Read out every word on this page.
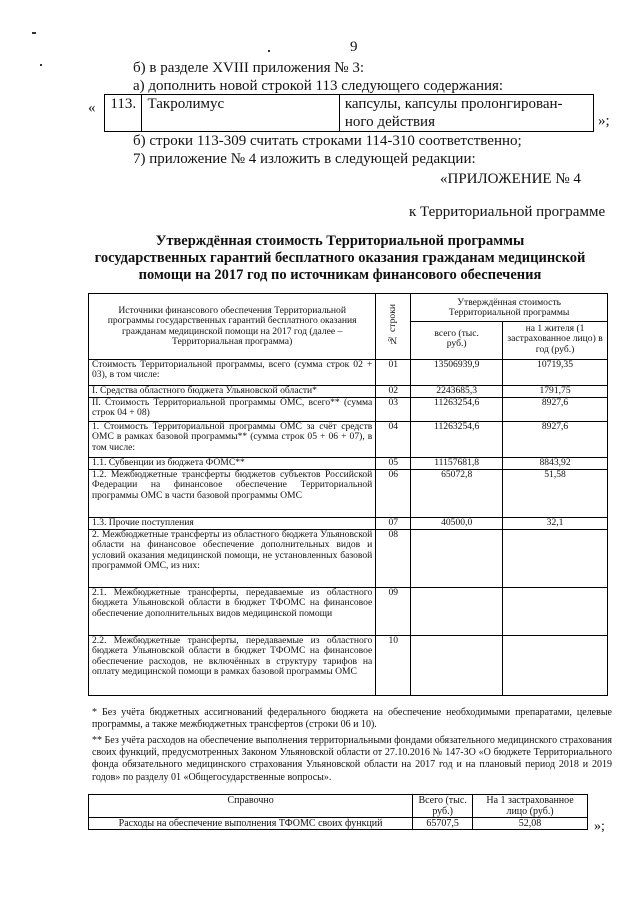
9
б) в разделе XVIII приложения № 3:
а) дополнить новой строкой 113 следующего содержания:
« 113.	Такролимус	капсулы, капсулы пролонгирован-ного действия	»;
б) строки 113-309 считать строками 114-310 соответственно;
7) приложение № 4 изложить в следующей редакции:
«ПРИЛОЖЕНИЕ № 4
к Территориальной программе
Утверждённая стоимость Территориальной программы
государственных гарантий бесплатного оказания гражданам медицинской
помощи на 2017 год по источникам финансового обеспечения
Источники финансового обеспечения Территориальной программы государственных гарантий бесплатного оказания гражданам медицинской помощи на 2017 год (далее – Территориальная программа)	№ строки	Утверждённая стоимость Территориальной программы	
		всего (тыс. руб.)	на 1 жителя (1 застрахованное лицо) в год (руб.)
Стоимость Территориальной программы, всего (сумма строк 02 + 03), в том числе:	01	13506939,9	10719,35
I. Средства областного бюджета Ульяновской области*	02	2243685,3	1791,75
II. Стоимость Территориальной программы ОМС, всего** (сумма строк 04 + 08)	03	11263254,6	8927,6
1. Стоимость Территориальной программы ОМС за счёт средств ОМС в рамках базовой программы** (сумма строк 05 + 06 + 07), в том числе:	04	11263254,6	8927,6
1.1. Субвенции из бюджета ФОМС**	05	11157681,8	8843,92
1.2. Межбюджетные трансферты бюджетов субъектов Российской Федерации на финансовое обеспечение Территориальной программы ОМС в части базовой программы ОМС	06	65072,8	51,58
1.3. Прочие поступления	07	40500,0	32,1
2. Межбюджетные трансферты из областного бюджета Ульяновской области на финансовое обеспечение дополнительных видов и условий оказания медицинской помощи, не установленных базовой программой ОМС, из них:	08		
2.1. Межбюджетные трансферты, передаваемые из областного бюджета Ульяновской области в бюджет ТФОМС на финансовое обеспечение дополнительных видов медицинской помощи	09		
2.2. Межбюджетные трансферты, передаваемые из областного бюджета Ульяновской области в бюджет ТФОМС на финансовое обеспечение расходов, не включённых в структуру тарифов на оплату медицинской помощи в рамках базовой программы ОМС	10		
* Без учёта бюджетных ассигнований федерального бюджета на обеспечение необходимыми препаратами, целевые программы, а также межбюджетных трансфертов (строки 06 и 10).
** Без учёта расходов на обеспечение выполнения территориальными фондами обязательного медицинского страхования своих функций, предусмотренных Законом Ульяновской области от 27.10.2016 № 147-ЗО «О бюджете Территориального фонда обязательного медицинского страхования Ульяновской области на 2017 год и на плановый период 2018 и 2019 годов» по разделу 01 «Общегосударственные вопросы».
Справочно	Всего (тыс. руб.)	На 1 застрахованное лицо (руб.)
Расходы на обеспечение выполнения ТФОМС своих функций	65707,5	52,08	»;
